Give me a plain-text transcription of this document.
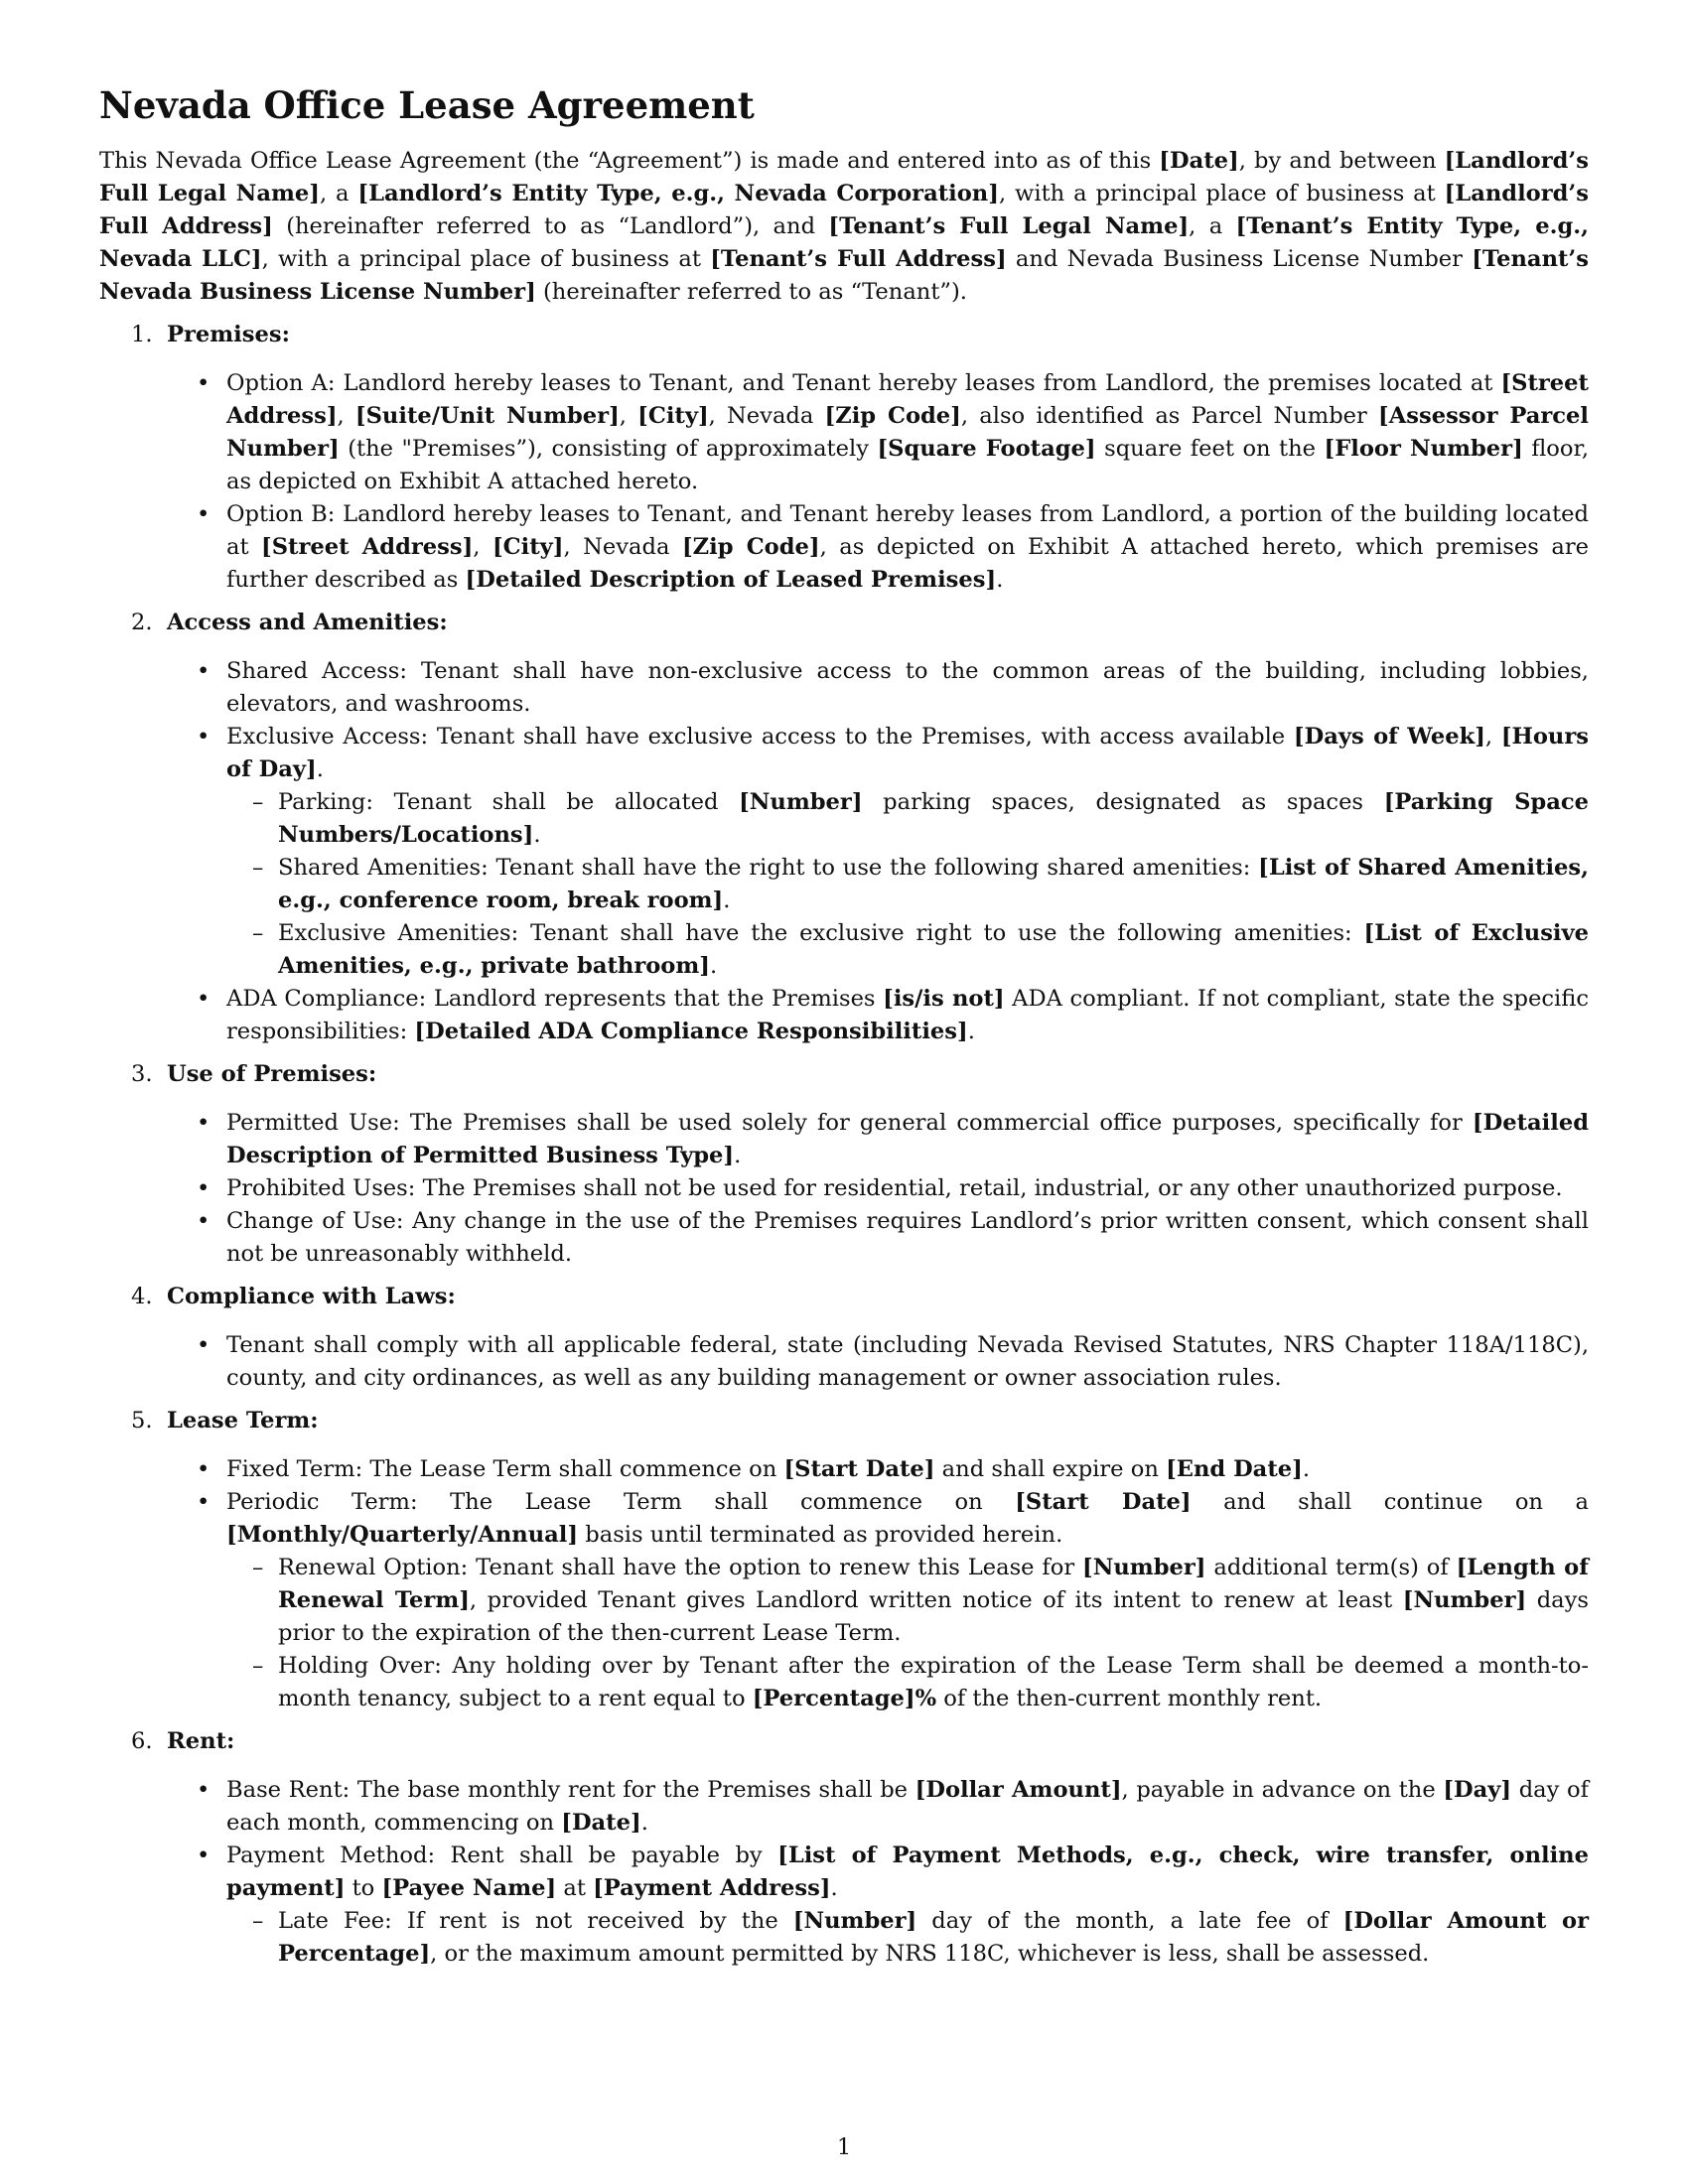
Nevada Office Lease Agreement

This Nevada Office Lease Agreement (the “Agreement”) is made and entered into as of this [Date], by and between [Landlord’s Full Legal Name], a [Landlord’s Entity Type, e.g., Nevada Corporation], with a principal place of business at [Landlord’s Full Address] (hereinafter referred to as “Landlord”), and [Tenant’s Full Legal Name], a [Tenant’s Entity Type, e.g., Nevada LLC], with a principal place of business at [Tenant’s Full Address] and Nevada Business License Number [Tenant’s Nevada Business License Number] (hereinafter referred to as “Tenant”).

1. Premises:
• Option A: Landlord hereby leases to Tenant, and Tenant hereby leases from Landlord, the premises located at [Street Address], [Suite/Unit Number], [City], Nevada [Zip Code], also identified as Parcel Number [Assessor Parcel Number] (the "Premises”), consisting of approximately [Square Footage] square feet on the [Floor Number] floor, as depicted on Exhibit A attached hereto.
• Option B: Landlord hereby leases to Tenant, and Tenant hereby leases from Landlord, a portion of the building located at [Street Address], [City], Nevada [Zip Code], as depicted on Exhibit A attached hereto, which premises are further described as [Detailed Description of Leased Premises].
2. Access and Amenities:
• Shared Access: Tenant shall have non-exclusive access to the common areas of the building, including lobbies, elevators, and washrooms.
• Exclusive Access: Tenant shall have exclusive access to the Premises, with access available [Days of Week], [Hours of Day].
– Parking: Tenant shall be allocated [Number] parking spaces, designated as spaces [Parking Space Numbers/Locations].
– Shared Amenities: Tenant shall have the right to use the following shared amenities: [List of Shared Amenities, e.g., conference room, break room].
– Exclusive Amenities: Tenant shall have the exclusive right to use the following amenities: [List of Exclusive Amenities, e.g., private bathroom].
• ADA Compliance: Landlord represents that the Premises [is/is not] ADA compliant. If not compliant, state the specific responsibilities: [Detailed ADA Compliance Responsibilities].
3. Use of Premises:
• Permitted Use: The Premises shall be used solely for general commercial office purposes, specifically for [Detailed Description of Permitted Business Type].
• Prohibited Uses: The Premises shall not be used for residential, retail, industrial, or any other unauthorized purpose.
• Change of Use: Any change in the use of the Premises requires Landlord’s prior written consent, which consent shall not be unreasonably withheld.
4. Compliance with Laws:
• Tenant shall comply with all applicable federal, state (including Nevada Revised Statutes, NRS Chapter 118A/118C), county, and city ordinances, as well as any building management or owner association rules.
5. Lease Term:
• Fixed Term: The Lease Term shall commence on [Start Date] and shall expire on [End Date].
• Periodic Term: The Lease Term shall commence on [Start Date] and shall continue on a [Monthly/Quarterly/Annual] basis until terminated as provided herein.
– Renewal Option: Tenant shall have the option to renew this Lease for [Number] additional term(s) of [Length of Renewal Term], provided Tenant gives Landlord written notice of its intent to renew at least [Number] days prior to the expiration of the then-current Lease Term.
– Holding Over: Any holding over by Tenant after the expiration of the Lease Term shall be deemed a month-to-month tenancy, subject to a rent equal to [Percentage]% of the then-current monthly rent.
6. Rent:
• Base Rent: The base monthly rent for the Premises shall be [Dollar Amount], payable in advance on the [Day] day of each month, commencing on [Date].
• Payment Method: Rent shall be payable by [List of Payment Methods, e.g., check, wire transfer, online payment] to [Payee Name] at [Payment Address].
– Late Fee: If rent is not received by the [Number] day of the month, a late fee of [Dollar Amount or Percentage], or the maximum amount permitted by NRS 118C, whichever is less, shall be assessed.
1
